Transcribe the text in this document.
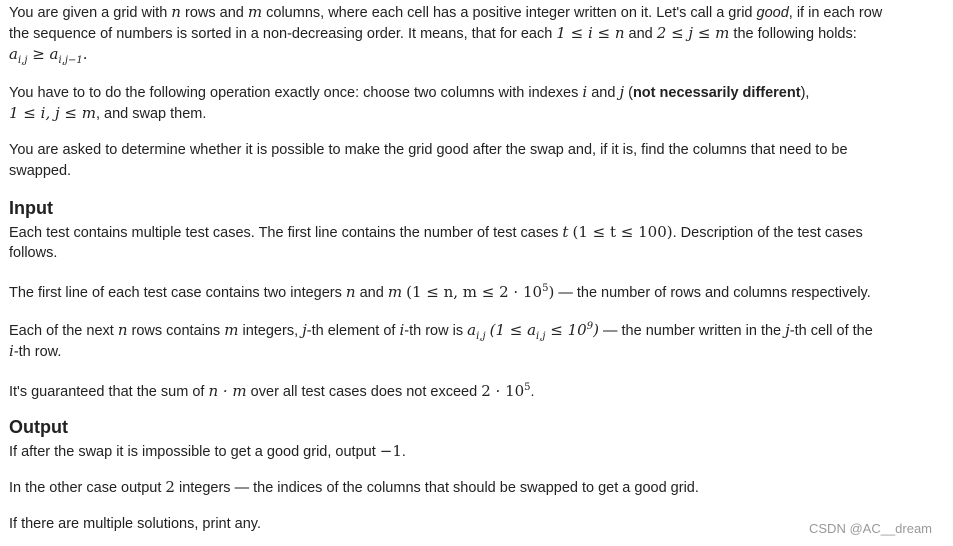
You are given a grid with n rows and m columns, where each cell has a positive integer written on it. Let's call a grid good, if in each row
the sequence of numbers is sorted in a non-decreasing order. It means, that for each 1 ≤ i ≤ n and 2 ≤ j ≤ m the following holds:
$a_{i,j} \ge a_{i,j-1}$.
You have to to do the following operation exactly once: choose two columns with indexes i and j (not necessarily different),
1 ≤ i, j ≤ m, and swap them.
You are asked to determine whether it is possible to make the grid good after the swap and, if it is, find the columns that need to be
swapped.
Input
Each test contains multiple test cases. The first line contains the number of test cases t (1 ≤ t ≤ 100). Description of the test cases
follows.
The first line of each test case contains two integers n and m (1 ≤ n, $m \le 2 \cdot 10^5$) — the number of rows and columns respectively.
Each of the next n rows contains m integers, j-th element of i-th row is $a_{i,j}$ $(1 \le a_{i,j} \le 10^9)$ — the number written in the j-th cell of the
i-th row.
It's guaranteed that the sum of n · m over all test cases does not exceed $2 \cdot 10^5$.
Output
If after the swap it is impossible to get a good grid, output −1.
In the other case output 2 integers — the indices of the columns that should be swapped to get a good grid.
If there are multiple solutions, print any.	CSDN @AC__dream
